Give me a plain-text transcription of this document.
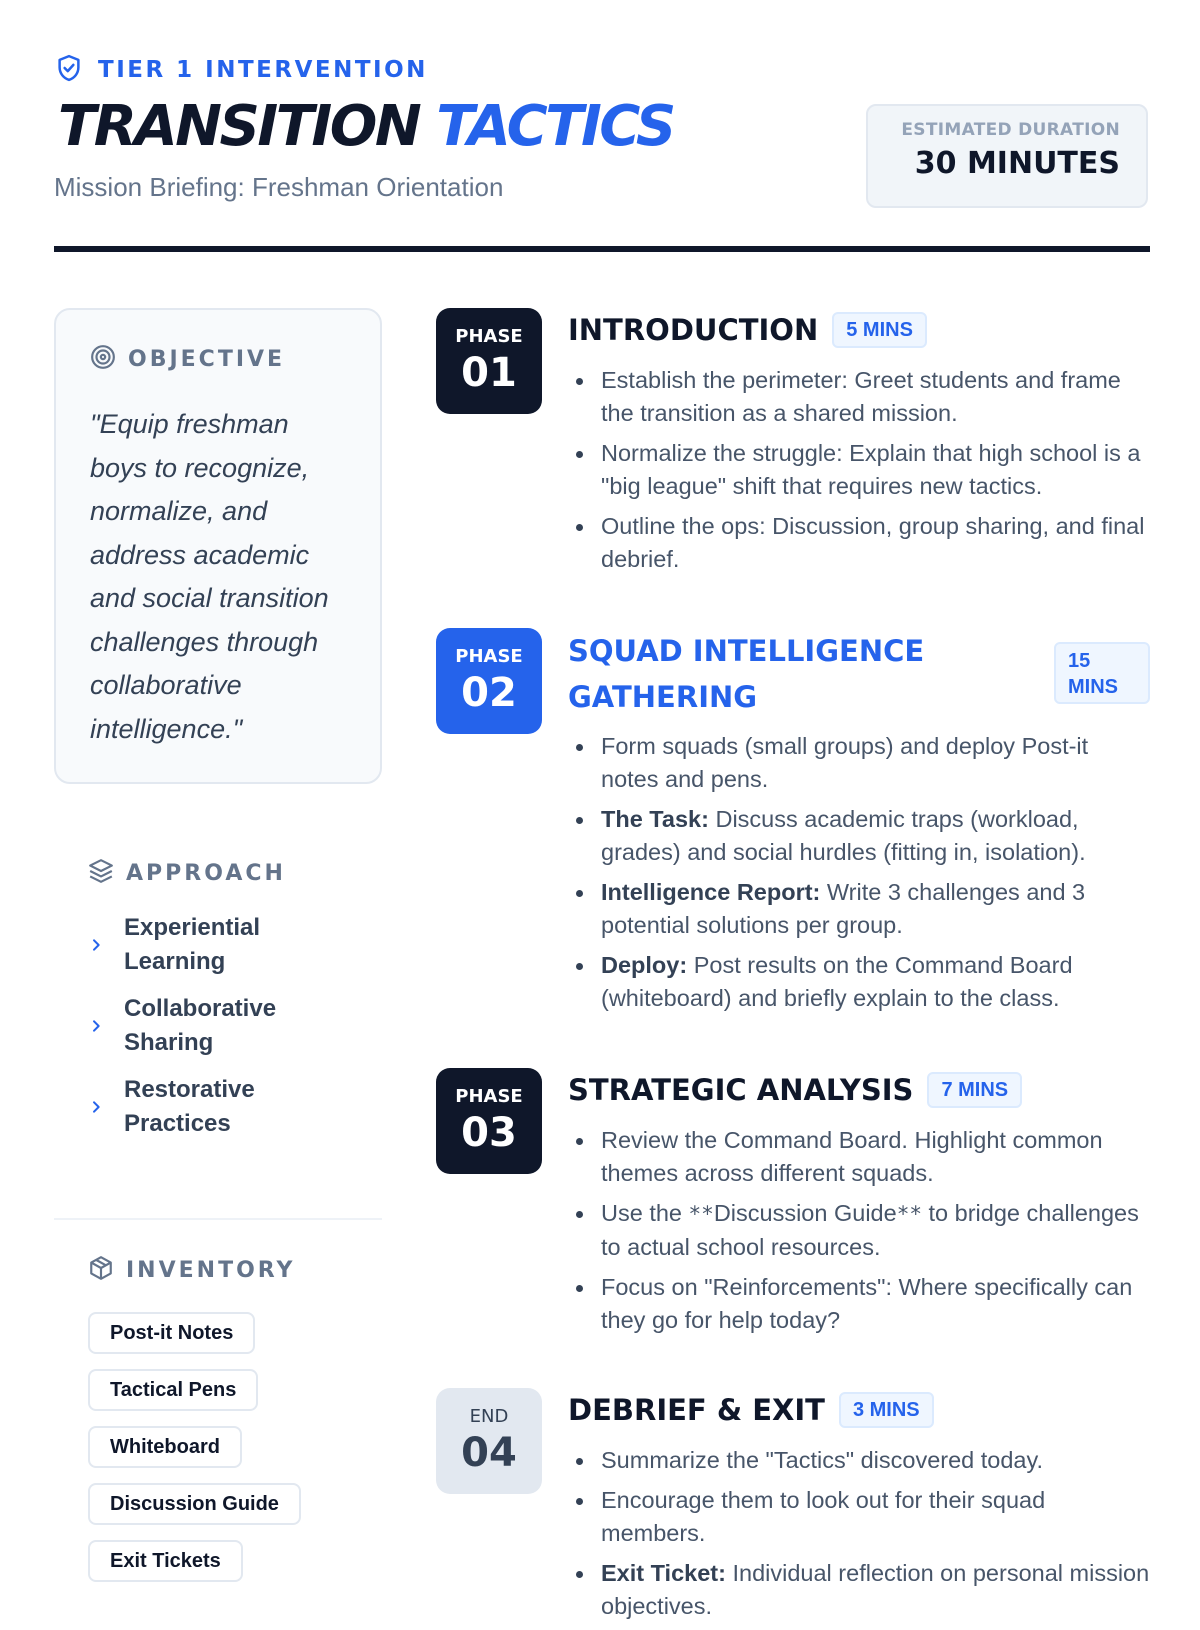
TIER 1 INTERVENTION
TRANSITION TACTICS
Mission Briefing: Freshman Orientation
ESTIMATED DURATION
30 MINUTES
OBJECTIVE
"Equip freshman boys to recognize, normalize, and address academic and social transition challenges through collaborative intelligence."
APPROACH
Experiential Learning
Collaborative Sharing
Restorative Practices
INVENTORY
Post-it Notes
Tactical Pens
Whiteboard
Discussion Guide
Exit Tickets
PHASE
01
INTRODUCTION	5 MINS
Establish the perimeter: Greet students and frame the transition as a shared mission.
Normalize the struggle: Explain that high school is a "big league" shift that requires new tactics.
Outline the ops: Discussion, group sharing, and final debrief.
PHASE
02
SQUAD INTELLIGENCE GATHERING
15 MINS
Form squads (small groups) and deploy Post-it notes and pens.
The Task: Discuss academic traps (workload, grades) and social hurdles (fitting in, isolation).
Intelligence Report: Write 3 challenges and 3 potential solutions per group.
Deploy: Post results on the Command Board (whiteboard) and briefly explain to the class.
PHASE
03
STRATEGIC ANALYSIS	7 MINS
Review the Command Board. Highlight common themes across different squads.
Use the **Discussion Guide** to bridge challenges to actual school resources.
Focus on "Reinforcements": Where specifically can they go for help today?
END
04
DEBRIEF & EXIT	3 MINS
Summarize the "Tactics" discovered today.
Encourage them to look out for their squad members.
Exit Ticket: Individual reflection on personal mission objectives.
